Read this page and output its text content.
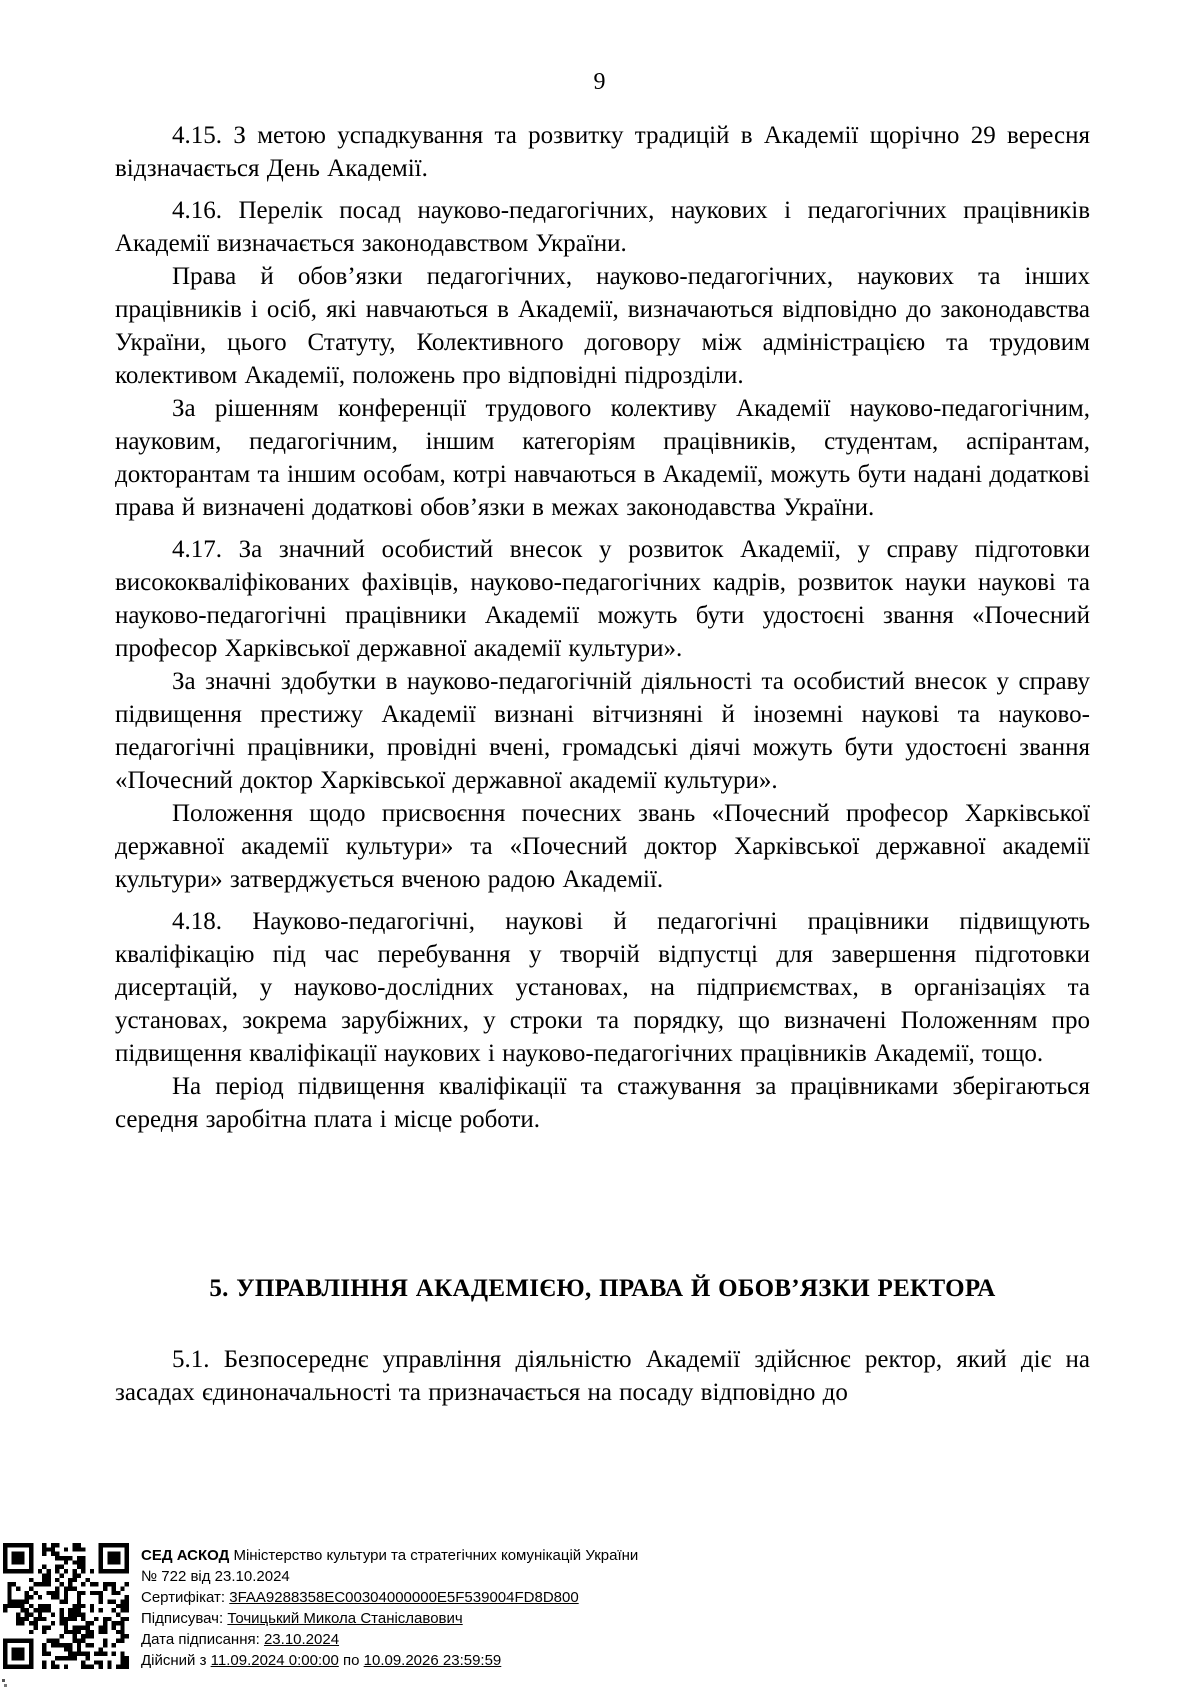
9

4.15. З метою успадкування та розвитку традицій в Академії щорічно 29 вересня відзначається День Академії.

4.16. Перелік посад науково-педагогічних, наукових і педагогічних працівників Академії визначається законодавством України.

Права й обов’язки педагогічних, науково-педагогічних, наукових та інших працівників і осіб, які навчаються в Академії, визначаються відповідно до законодавства України, цього Статуту, Колективного договору між адміністрацією та трудовим колективом Академії, положень про відповідні підрозділи.

За рішенням конференції трудового колективу Академії науково-педагогічним, науковим, педагогічним, іншим категоріям працівників, студентам, аспірантам, докторантам та іншим особам, котрі навчаються в Академії, можуть бути надані додаткові права й визначені додаткові обов’язки в межах законодавства України.

4.17. За значний особистий внесок у розвиток Академії, у справу підготовки висококваліфікованих фахівців, науково-педагогічних кадрів, розвиток науки наукові та науково-педагогічні працівники Академії можуть бути удостоєні звання «Почесний професор Харківської державної академії культури».

За значні здобутки в науково-педагогічній діяльності та особистий внесок у справу підвищення престижу Академії визнані вітчизняні й іноземні наукові та науково-педагогічні працівники, провідні вчені, громадські діячі можуть бути удостоєні звання «Почесний доктор Харківської державної академії культури».

Положення щодо присвоєння почесних звань «Почесний професор Харківської державної академії культури» та «Почесний доктор Харківської державної академії культури» затверджується вченою радою Академії.

4.18. Науково-педагогічні, наукові й педагогічні працівники підвищують кваліфікацію під час перебування у творчій відпустці для завершення підготовки дисертацій, у науково-дослідних установах, на підприємствах, в організаціях та установах, зокрема зарубіжних, у строки та порядку, що визначені Положенням про підвищення кваліфікації наукових і науково-педагогічних працівників Академії, тощо.

На період підвищення кваліфікації та стажування за працівниками зберігаються середня заробітна плата і місце роботи.

5. УПРАВЛІННЯ АКАДЕМІЄЮ, ПРАВА Й ОБОВ’ЯЗКИ РЕКТОРА

5.1. Безпосереднє управління діяльністю Академії здійснює ректор, який діє на засадах єдиноначальності та призначається на посаду відповідно до

СЕД АСКОД Міністерство культури та стратегічних комунікацій України
№ 722 від 23.10.2024
Сертифікат: 3FAA9288358EC00304000000E5F539004FD8D800
Підписувач: Точицький Микола Станіславович
Дата підписання: 23.10.2024
Дійсний з 11.09.2024 0:00:00 по 10.09.2026 23:59:59
